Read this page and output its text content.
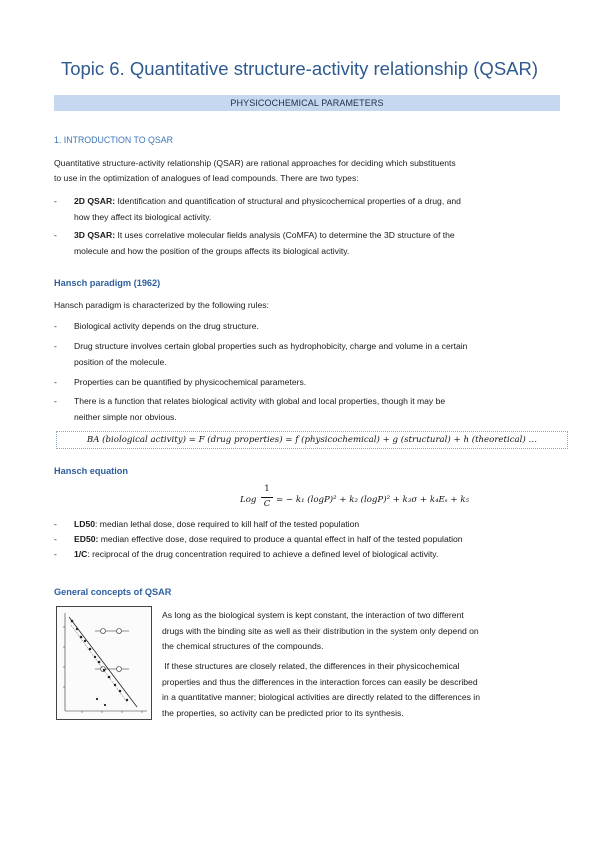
Topic 6. Quantitative structure-activity relationship (QSAR)
PHYSICOCHEMICAL PARAMETERS
1. INTRODUCTION TO QSAR
Quantitative structure-activity relationship (QSAR) are rational approaches for deciding which substituents
to use in the optimization of analogues of lead compounds. There are two types:
- 2D QSAR: Identification and quantification of structural and physicochemical properties of a drug, and
how they affect its biological activity.
- 3D QSAR: It uses correlative molecular fields analysis (CoMFA) to determine the 3D structure of the
molecule and how the position of the groups affects its biological activity.
Hansch paradigm (1962)
Hansch paradigm is characterized by the following rules:
- Biological activity depends on the drug structure.
- Drug structure involves certain global properties such as hydrophobicity, charge and volume in a certain
position of the molecule.
- Properties can be quantified by physicochemical parameters.
- There is a function that relates biological activity with global and local properties, though it may be
neither simple nor obvious.
BA (biological activity) = F (drug properties) = f (physicochemical) + g (structural) + h (theoretical) …
Hansch equation
Log
1
C = − k₁ (logP)² + k₂ (logP)² + k₃σ + k₄Eₛ + k₅
- LD50: median lethal dose, dose required to kill half of the tested population
- ED50: median effective dose, dose required to produce a quantal effect in half of the tested population
- 1/C: reciprocal of the drug concentration required to achieve a defined level of biological activity.
General concepts of QSAR
As long as the biological system is kept constant, the interaction of two different
drugs with the binding site as well as their distribution in the system only depend on
the chemical structures of the compounds.
If these structures are closely related, the differences in their physicochemical
properties and thus the differences in the interaction forces can easily be described
in a quantitative manner; biological activities are directly related to the differences in
the properties, so activity can be predicted prior to its synthesis.
